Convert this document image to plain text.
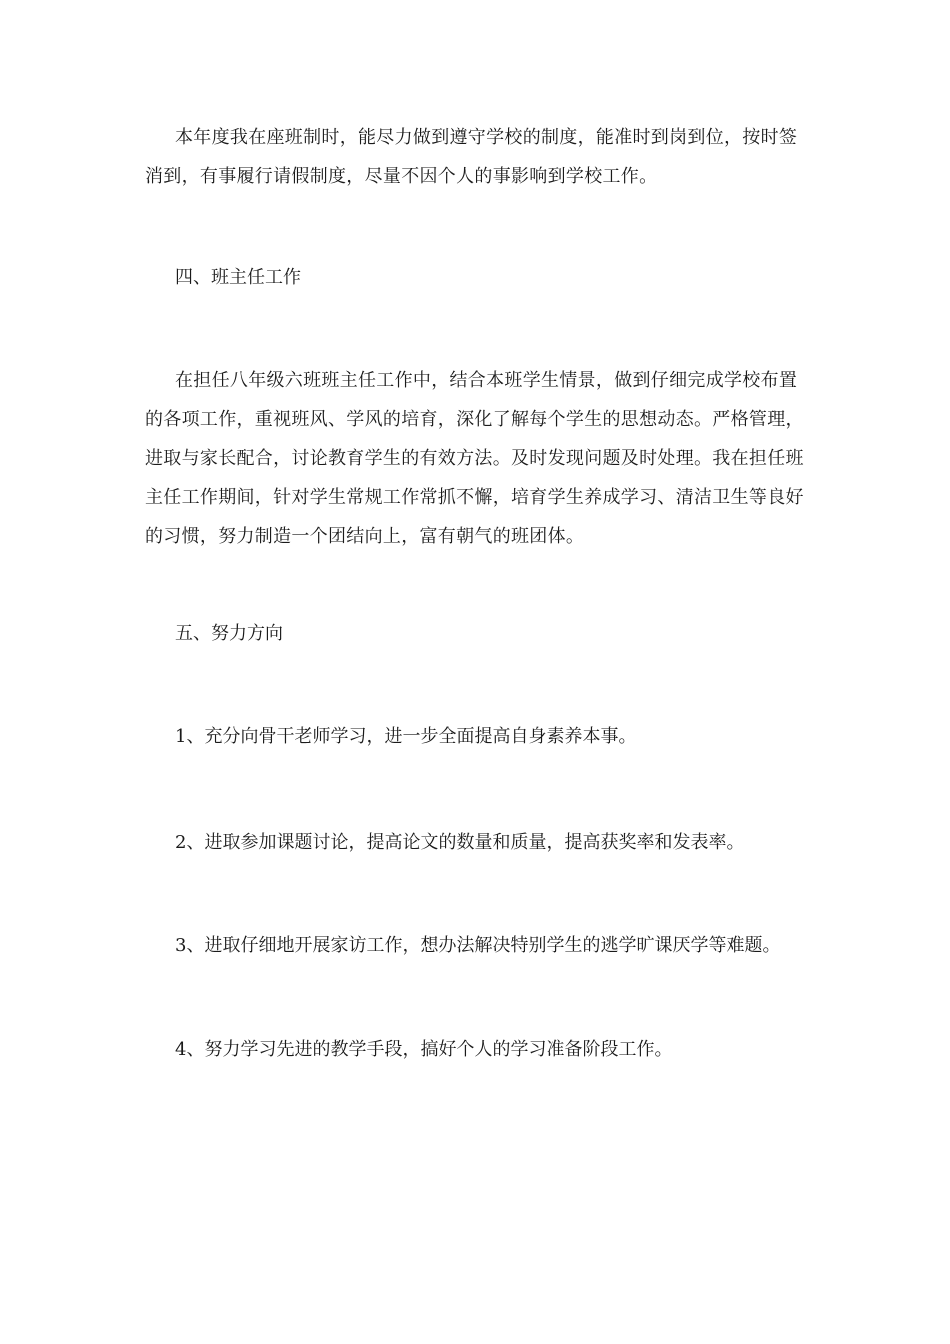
本年度我在座班制时，能尽力做到遵守学校的制度，能准时到岗到位，按时签消到，有事履行请假制度，尽量不因个人的事影响到学校工作。

四、班主任工作

在担任八年级六班班主任工作中，结合本班学生情景，做到仔细完成学校布置的各项工作，重视班风、学风的培育，深化了解每个学生的思想动态。严格管理，进取与家长配合，讨论教育学生的有效方法。及时发现问题及时处理。我在担任班主任工作期间，针对学生常规工作常抓不懈，培育学生养成学习、清洁卫生等良好的习惯，努力制造一个团结向上，富有朝气的班团体。

五、努力方向

1、充分向骨干老师学习，进一步全面提高自身素养本事。

2、进取参加课题讨论，提高论文的数量和质量，提高获奖率和发表率。

3、进取仔细地开展家访工作，想办法解决特别学生的逃学旷课厌学等难题。

4、努力学习先进的教学手段，搞好个人的学习准备阶段工作。
